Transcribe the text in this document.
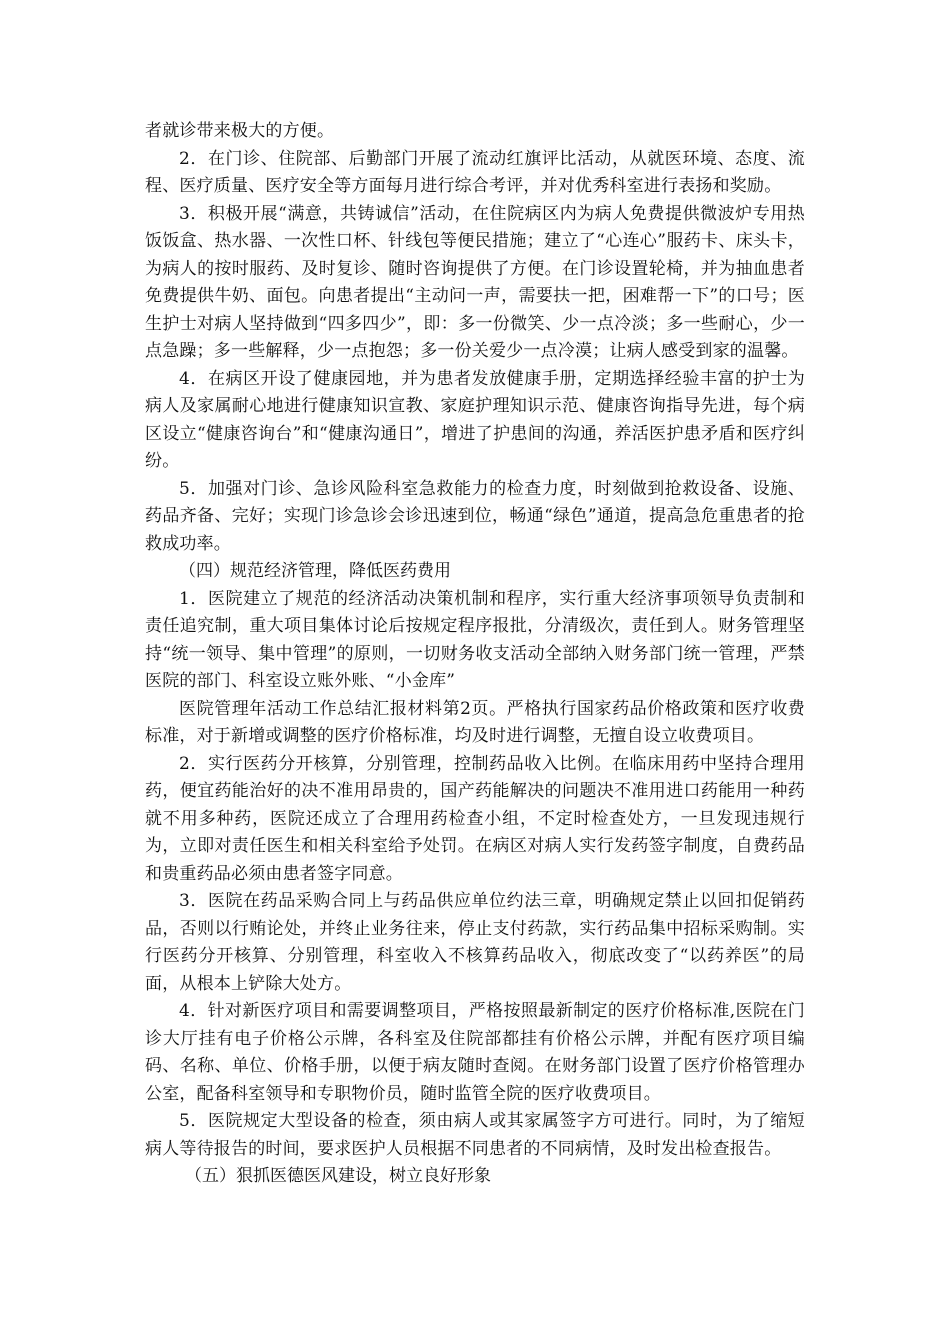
者就诊带来极大的方便。

2．在门诊、住院部、后勤部门开展了流动红旗评比活动，从就医环境、态度、流程、医疗质量、医疗安全等方面每月进行综合考评，并对优秀科室进行表扬和奖励。

3．积极开展“满意，共铸诚信”活动，在住院病区内为病人免费提供微波炉专用热饭饭盒、热水器、一次性口杯、针线包等便民措施；建立了“心连心”服药卡、床头卡，为病人的按时服药、及时复诊、随时咨询提供了方便。在门诊设置轮椅，并为抽血患者免费提供牛奶、面包。向患者提出“主动问一声，需要扶一把，困难帮一下”的口号；医生护士对病人坚持做到“四多四少”，即：多一份微笑、少一点冷淡；多一些耐心，少一点急躁；多一些解释，少一点抱怨；多一份关爱少一点冷漠；让病人感受到家的温馨。

4．在病区开设了健康园地，并为患者发放健康手册，定期选择经验丰富的护士为病人及家属耐心地进行健康知识宣教、家庭护理知识示范、健康咨询指导先进，每个病区设立“健康咨询台”和“健康沟通日”，增进了护患间的沟通，养活医护患矛盾和医疗纠纷。

5．加强对门诊、急诊风险科室急救能力的检查力度，时刻做到抢救设备、设施、药品齐备、完好；实现门诊急诊会诊迅速到位，畅通“绿色”通道，提高急危重患者的抢救成功率。

（四）规范经济管理，降低医药费用

1．医院建立了规范的经济活动决策机制和程序，实行重大经济事项领导负责制和责任追究制，重大项目集体讨论后按规定程序报批，分清级次，责任到人。财务管理坚持“统一领导、集中管理”的原则，一切财务收支活动全部纳入财务部门统一管理，严禁医院的部门、科室设立账外账、“小金库”

医院管理年活动工作总结汇报材料第2页。严格执行国家药品价格政策和医疗收费标准，对于新增或调整的医疗价格标准，均及时进行调整，无擅自设立收费项目。

2．实行医药分开核算，分别管理，控制药品收入比例。在临床用药中坚持合理用药，便宜药能治好的决不准用昂贵的，国产药能解决的问题决不准用进口药能用一种药就不用多种药，医院还成立了合理用药检查小组，不定时检查处方，一旦发现违规行为，立即对责任医生和相关科室给予处罚。在病区对病人实行发药签字制度，自费药品和贵重药品必须由患者签字同意。

3．医院在药品采购合同上与药品供应单位约法三章，明确规定禁止以回扣促销药品，否则以行贿论处，并终止业务往来，停止支付药款，实行药品集中招标采购制。实行医药分开核算、分别管理，科室收入不核算药品收入，彻底改变了“以药养医”的局面，从根本上铲除大处方。

4．针对新医疗项目和需要调整项目，严格按照最新制定的医疗价格标准,医院在门诊大厅挂有电子价格公示牌，各科室及住院部都挂有价格公示牌，并配有医疗项目编码、名称、单位、价格手册，以便于病友随时查阅。在财务部门设置了医疗价格管理办公室，配备科室领导和专职物价员，随时监管全院的医疗收费项目。

5．医院规定大型设备的检查，须由病人或其家属签字方可进行。同时，为了缩短病人等待报告的时间，要求医护人员根据不同患者的不同病情，及时发出检查报告。

（五）狠抓医德医风建设，树立良好形象
